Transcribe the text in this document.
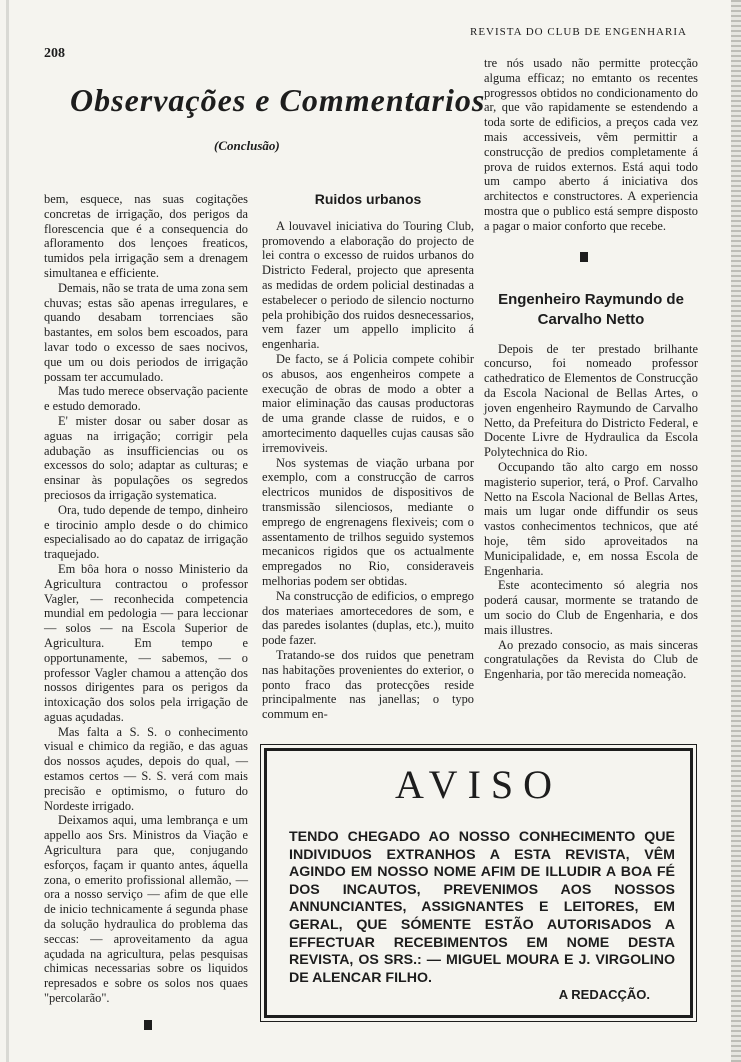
208
REVISTA DO CLUB DE ENGENHARIA
Observações e Commentarios
(Conclusão)

bem, esquece, nas suas cogitações concretas de irrigação, dos perigos da florescencia que é a consequencia do afloramento dos lençoes freaticos, tumidos pela irrigação sem a drenagem simultanea e efficiente.

Demais, não se trata de uma zona sem chuvas; estas são apenas irregulares, e quando desabam torrenciaes são bastantes, em solos bem escoados, para lavar todo o excesso de saes nocivos, que um ou dois periodos de irrigação possam ter accumulado.

Mas tudo merece observação paciente e estudo demorado.

E' mister dosar ou saber dosar as aguas na irrigação; corrigir pela adubação as insufficiencias ou os excessos do solo; adaptar as culturas; e ensinar às populações os segredos preciosos da irrigação systematica.

Ora, tudo depende de tempo, dinheiro e tirocinio amplo desde o do chimico especialisado ao do capataz de irrigação traquejado.

Em bôa hora o nosso Ministerio da Agricultura contractou o professor Vagler, — reconhecida competencia mundial em pedologia — para leccionar — solos — na Escola Superior de Agricultura. Em tempo e opportunamente, — sabemos, — o professor Vagler chamou a attenção dos nossos dirigentes para os perigos da intoxicação dos solos pela irrigação de aguas açudadas.

Mas falta a S. S. o conhecimento visual e chimico da região, e das aguas dos nossos açudes, depois do qual, — estamos certos — S. S. verá com mais precisão e optimismo, o futuro do Nordeste irrigado.

Deixamos aqui, uma lembrança e um appello aos Srs. Ministros da Viação e Agricultura para que, conjugando esforços, façam ir quanto antes, áquella zona, o emerito profissional allemão, — ora a nosso serviço — afim de que elle de inicio technicamente á segunda phase da solução hydraulica do problema das seccas: — aproveitamento da agua açudada na agricultura, pelas pesquisas chimicas necessarias sobre os liquidos represados e sobre os solos nos quaes "percolarão".

Ruidos urbanos

A louvavel iniciativa do Touring Club, promovendo a elaboração do projecto de lei contra o excesso de ruidos urbanos do Districto Federal, projecto que apresenta as medidas de ordem policial destinadas a estabelecer o periodo de silencio nocturno pela prohibição dos ruidos desnecessarios, vem fazer um appello implicito á engenharia.

De facto, se á Policia compete cohibir os abusos, aos engenheiros compete a execução de obras de modo a obter a maior eliminação das causas productoras de uma grande classe de ruidos, e o amortecimento daquelles cujas causas são irremoviveis.

Nos systemas de viação urbana por exemplo, com a construcção de carros electricos munidos de dispositivos de transmissão silenciosos, mediante o emprego de engrenagens flexiveis; com o assentamento de trilhos seguido systemos mecanicos rigidos que os actualmente empregados no Rio, consideraveis melhorias podem ser obtidas.

Na construcção de edificios, o emprego dos materiaes amortecedores de som, e das paredes isolantes (duplas, etc.), muito pode fazer.

Tratando-se dos ruidos que penetram nas habitações provenientes do exterior, o ponto fraco das protecções reside principalmente nas janellas; o typo commum en-

tre nós usado não permitte protecção alguma efficaz; no emtanto os recentes progressos obtidos no condicionamento do ar, que vão rapidamente se estendendo a toda sorte de edificios, a preços cada vez mais accessiveis, vêm permittir a construcção de predios completamente á prova de ruidos externos. Está aqui todo um campo aberto á iniciativa dos architectos e constructores. A experiencia mostra que o publico está sempre disposto a pagar o maior conforto que recebe.

Engenheiro Raymundo de Carvalho Netto

Depois de ter prestado brilhante concurso, foi nomeado professor cathedratico de Elementos de Construcção da Escola Nacional de Bellas Artes, o joven engenheiro Raymundo de Carvalho Netto, da Prefeitura do Districto Federal, e Docente Livre de Hydraulica da Escola Polytechnica do Rio.

Occupando tão alto cargo em nosso magisterio superior, terá, o Prof. Carvalho Netto na Escola Nacional de Bellas Artes, mais um lugar onde diffundir os seus vastos conhecimentos technicos, que até hoje, têm sido aproveitados na Municipalidade, e, em nossa Escola de Engenharia.

Este acontecimento só alegria nos poderá causar, mormente se tratando de um socio do Club de Engenharia, e dos mais illustres.

Ao prezado consocio, as mais sinceras congratulações da Revista do Club de Engenharia, por tão merecida nomeação.

AVISO
TENDO CHEGADO AO NOSSO CONHECIMENTO QUE INDIVIDUOS EXTRANHOS A ESTA REVISTA, VÊM AGINDO EM NOSSO NOME AFIM DE ILLUDIR A BOA FÉ DOS INCAUTOS, PREVENIMOS AOS NOSSOS ANNUNCIANTES, ASSIGNANTES E LEITORES, EM GERAL, QUE SÓMENTE ESTÃO AUTORISADOS A EFFECTUAR RECEBIMENTOS EM NOME DESTA REVISTA, OS SRS.: — MIGUEL MOURA E J. VIRGOLINO DE ALENCAR FILHO.
A REDACÇÃO.
